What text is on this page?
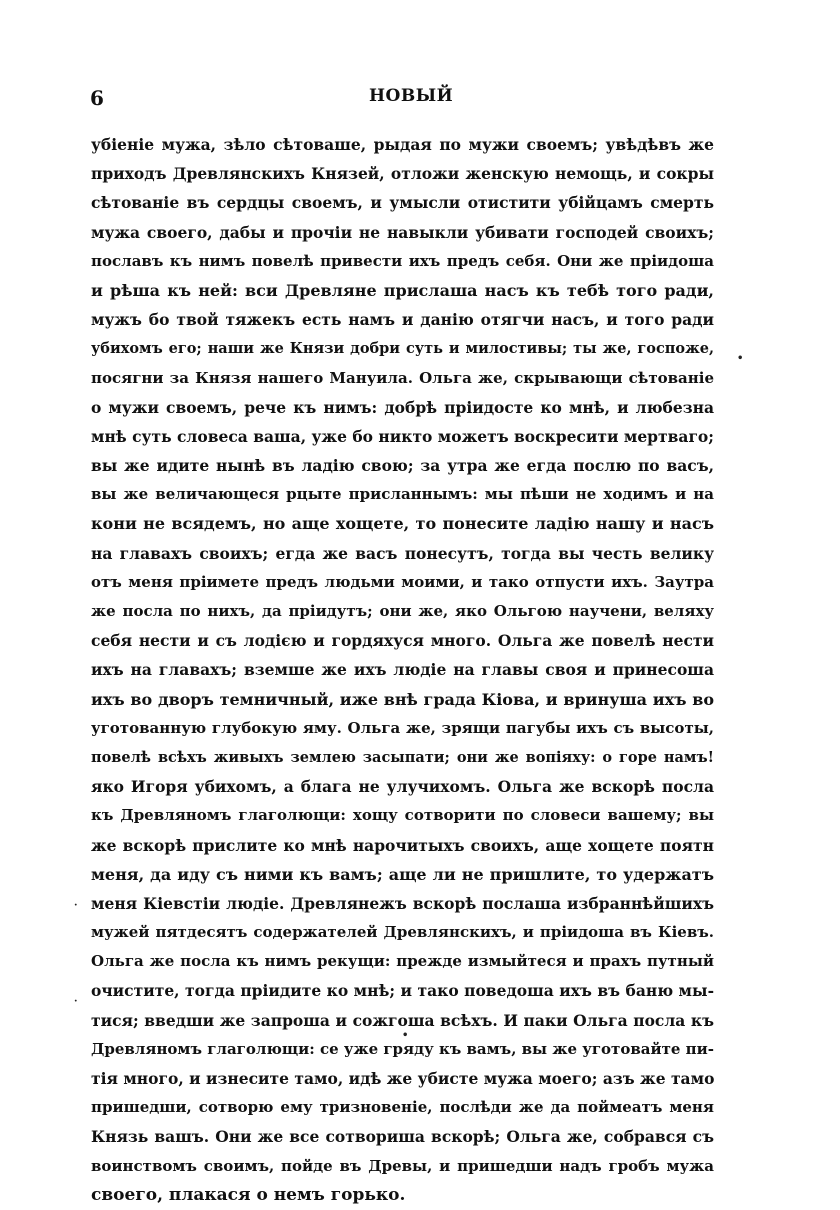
6	НОВЫЙ
убіеніе мужа, зѣло сѣтоваше, рыдая по мужи своемъ; увѣдѣвъ же
приходъ Древлянскихъ Князей, отложи женскую немощь, и сокры
сѣтованіе въ сердцы своемъ, и умысли отистити убійцамъ смерть
мужа своего, дабы и прочіи не навыкли убивати господей своихъ;
пославъ къ нимъ повелѣ привести ихъ предъ себя. Они же пріидоша
и рѣша къ ней: вси Древляне прислаша насъ къ тебѣ того ради,
мужъ бо твой тяжекъ есть намъ и данію отягчи насъ, и того ради
убихомъ его; наши же Князи добри суть и милостивы; ты же, госпоже,
посягни за Князя нашего Мануила. Ольга же, скрывающи сѣтованіе
о мужи своемъ, рече къ нимъ: добрѣ пріидосте ко мнѣ, и любезна
мнѣ суть словеса ваша, уже бо никто можетъ воскресити мертваго;
вы же идите нынѣ въ ладію свою; за утра же егда послю по васъ,
вы же величающеся рцыте присланнымъ: мы пѣши не ходимъ и на
кони не всядемъ, но аще хощете, то понесите ладію нашу и насъ
на главахъ своихъ; егда же васъ понесутъ, тогда вы честь велику
отъ меня пріимете предъ людьми моими, и тако отпусти ихъ. Заутра
же посла по нихъ, да пріидутъ; они же, яко Ольгою научени, веляху
себя нести и съ лодією и гордяхуся много. Ольга же повелѣ нести
ихъ на главахъ; вземше же ихъ людіе на главы своя и принесоша
ихъ во дворъ темничный, иже внѣ града Кіова, и вринуша ихъ во
уготованную глубокую яму. Ольга же, зрящи пагубы ихъ съ высоты,
повелѣ всѣхъ живыхъ землею засыпати; они же вопіяху: о горе намъ!
яко Игоря убихомъ, а блага не улучихомъ. Ольга же вскорѣ посла
къ Древляномъ глаголющи: хощу сотворити по словеси вашему; вы
же вскорѣ прислите ко мнѣ нарочитыхъ своихъ, аще хощете поятн
меня, да иду съ ними къ вамъ; аще ли не пришлите, то удержатъ
меня Кіевстіи людіе. Древлянежъ вскорѣ послаша избраннѣйшихъ
мужей пятдесятъ содержателей Древлянскихъ, и пріидоша въ Кіевъ.
Ольга же посла къ нимъ рекущи: прежде измыйтеся и прахъ путный
очистите, тогда пріидите ко мнѣ; и тако поведоша ихъ въ баню мы-
тися; введши же запроша и сожгоша всѣхъ. И паки Ольга посла къ
Древляномъ глаголющи: се уже гряду къ вамъ, вы же уготовайте пи-
тія много, и изнесите тамо, идѣ же убисте мужа моего; азъ же тамо
пришедши, сотворю ему тризновеніе, послѣди же да поймеатъ меня
Князь вашъ. Они же все сотвориша вскорѣ; Ольга же, собрався съ
воинствомъ своимъ, пойде въ Древы, и пришедши надъ гробъ мужа
своего, плакася о немъ горько.
•
·
·
•
